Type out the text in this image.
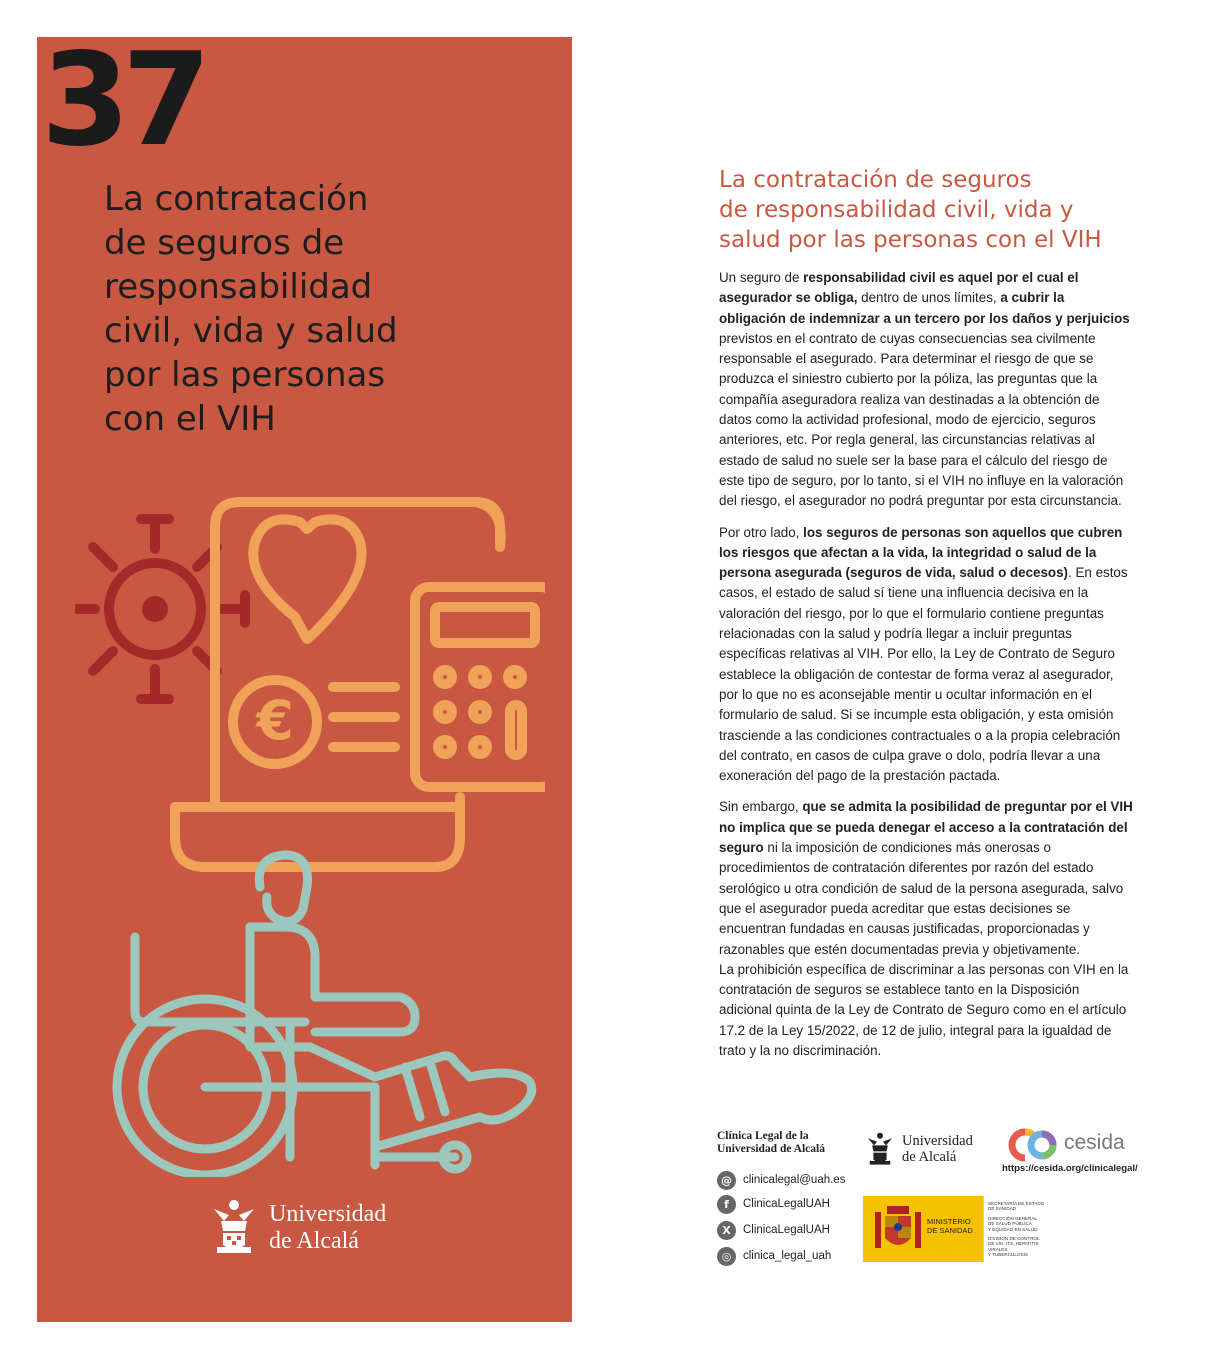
37
La contratación
de seguros de
responsabilidad
civil, vida y salud
por las personas
con el VIH
€
Universidad
de Alcalá
La contratación de seguros
de responsabilidad civil, vida y
salud por las personas con el VIH

Un seguro de responsabilidad civil es aquel por el cual el asegurador se obliga, dentro de unos límites, a cubrir la obligación de indemnizar a un tercero por los daños y perjuicios previstos en el contrato de cuyas consecuencias sea civilmente responsable el asegurado. Para determinar el riesgo de que se produzca el siniestro cubierto por la póliza, las preguntas que la compañía aseguradora realiza van destinadas a la obtención de datos como la actividad profesional, modo de ejercicio, seguros anteriores, etc. Por regla general, las circunstancias relativas al estado de salud no suele ser la base para el cálculo del riesgo de este tipo de seguro, por lo tanto, si el VIH no influye en la valoración del riesgo, el asegurador no podrá preguntar por esta circunstancia.

Por otro lado, los seguros de personas son aquellos que cubren los riesgos que afectan a la vida, la integridad o salud de la persona asegurada (seguros de vida, salud o decesos). En estos casos, el estado de salud sí tiene una influencia decisiva en la valoración del riesgo, por lo que el formulario contiene preguntas relacionadas con la salud y podría llegar a incluir preguntas específicas relativas al VIH. Por ello, la Ley de Contrato de Seguro establece la obligación de contestar de forma veraz al asegurador, por lo que no es aconsejable mentir u ocultar información en el formulario de salud. Si se incumple esta obligación, y esta omisión trasciende a las condiciones contractuales o a la propia celebración del contrato, en casos de culpa grave o dolo, podría llevar a una exoneración del pago de la prestación pactada.

Sin embargo, que se admita la posibilidad de preguntar por el VIH no implica que se pueda denegar el acceso a la contratación del seguro ni la imposición de condiciones más onerosas o procedimientos de contratación diferentes por razón del estado serológico u otra condición de salud de la persona asegurada, salvo que el asegurador pueda acreditar que estas decisiones se encuentran fundadas en causas justificadas, proporcionadas y razonables que estén documentadas previa y objetivamente.

La prohibición específica de discriminar a las personas con VIH en la contratación de seguros se establece tanto en la Disposición adicional quinta de la Ley de Contrato de Seguro como en el artículo 17.2 de la Ley 15/2022, de 12 de julio, integral para la igualdad de trato y la no discriminación.

Clínica Legal de la
Universidad de Alcalá
@ clinicalegal@uah.es
f	ClinicaLegalUAH
X	ClinicaLegalUAH
◎	clinica_legal_uah
Universidad
de Alcalá
cesida
https://cesida.org/clinicalegal/
MINISTERIO
DE SANIDAD
SECRETARÍA DE ESTADO
DE SANIDAD
DIRECCIÓN GENERAL
DE SALUD PÚBLICA
Y EQUIDAD EN SALUD
DIVISIÓN DE CONTROL
DE VIH, ITS, HEPATITIS VIRALES
Y TUBERCULOSIS
